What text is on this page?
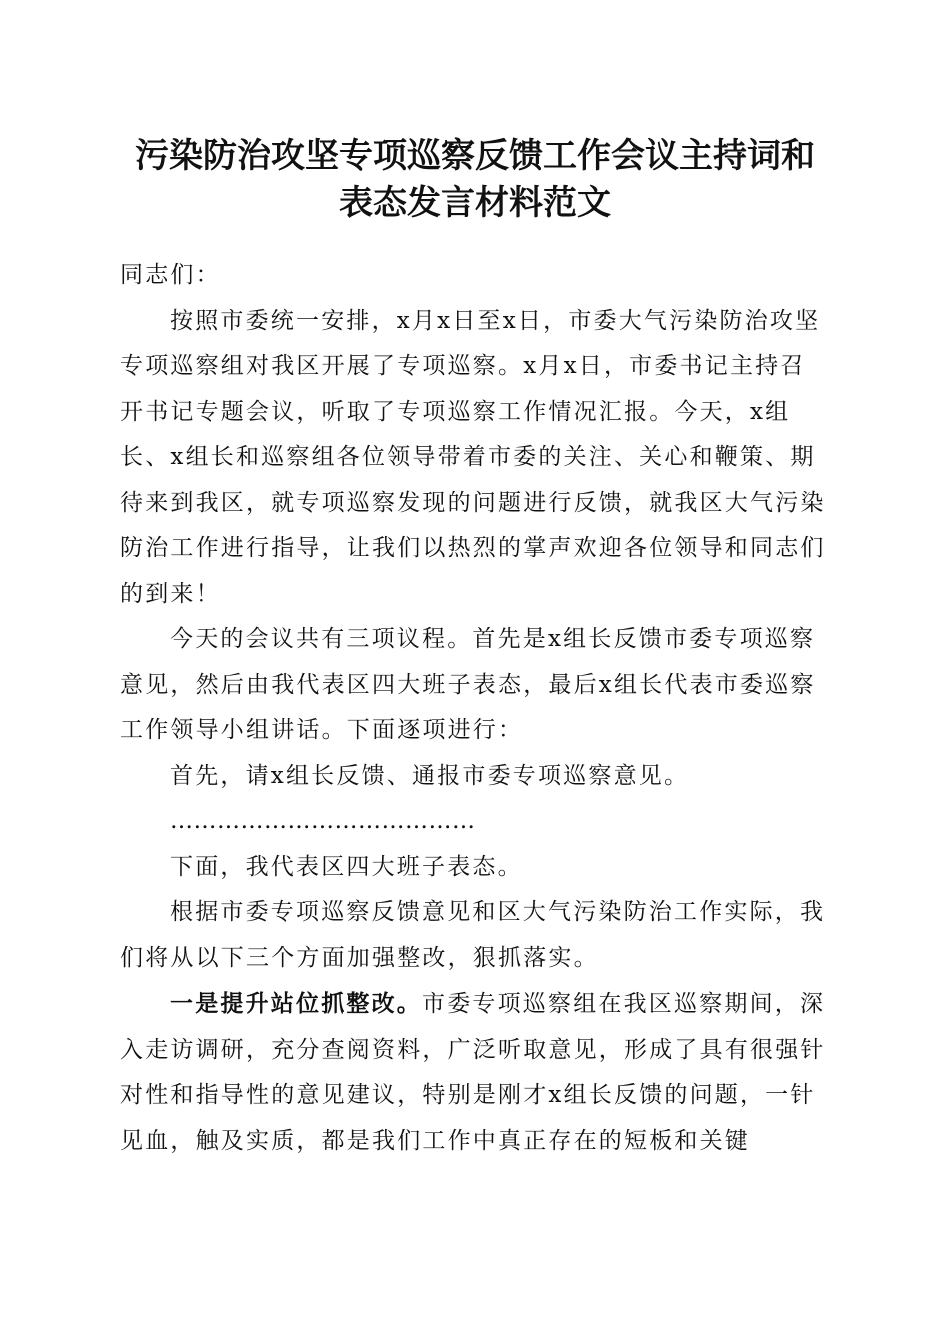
污染防治攻坚专项巡察反馈工作会议主持词和
表态发言材料范文

同志们：

按照市委统一安排，x月x日至x日，市委大气污染防治攻坚专项巡察组对我区开展了专项巡察。x月x日，市委书记主持召开书记专题会议，听取了专项巡察工作情况汇报。今天，x组长、x组长和巡察组各位领导带着市委的关注、关心和鞭策、期待来到我区，就专项巡察发现的问题进行反馈，就我区大气污染防治工作进行指导，让我们以热烈的掌声欢迎各位领导和同志们的到来！

今天的会议共有三项议程。首先是x组长反馈市委专项巡察意见，然后由我代表区四大班子表态，最后x组长代表市委巡察工作领导小组讲话。下面逐项进行：

首先，请x组长反馈、通报市委专项巡察意见。

…………………………………

下面，我代表区四大班子表态。

根据市委专项巡察反馈意见和区大气污染防治工作实际，我们将从以下三个方面加强整改，狠抓落实。

一是提升站位抓整改。市委专项巡察组在我区巡察期间，深入走访调研，充分查阅资料，广泛听取意见，形成了具有很强针对性和指导性的意见建议，特别是刚才x组长反馈的问题，一针见血，触及实质，都是我们工作中真正存在的短板和关键
